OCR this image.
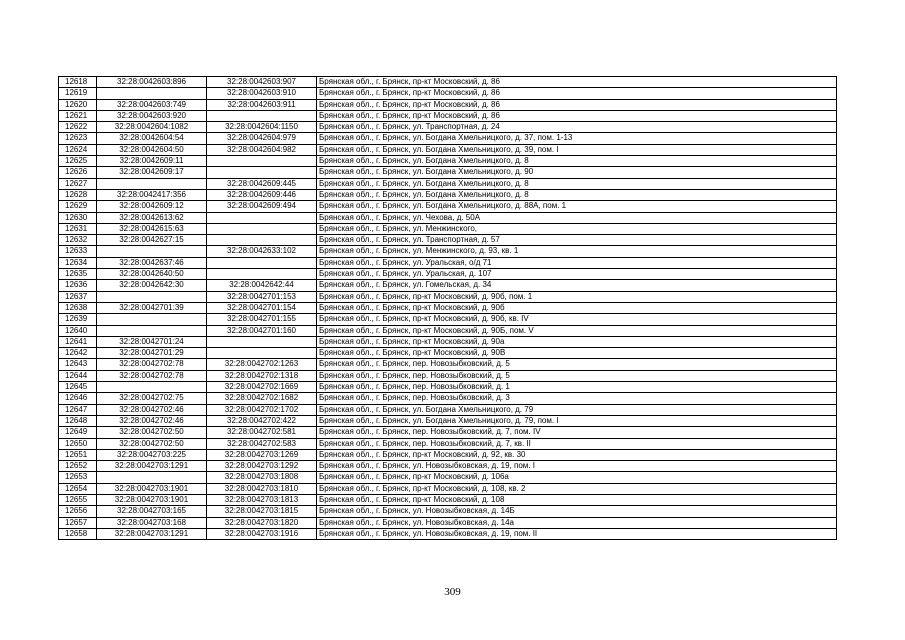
12618	32:28:0042603:896	32:28:0042603:907	Брянская обл., г. Брянск, пр-кт Московский, д. 86
12619		32:28:0042603:910	Брянская обл., г. Брянск, пр-кт Московский, д. 86
12620	32:28:0042603:749	32:28:0042603:911	Брянская обл., г. Брянск, пр-кт Московский, д. 86
12621	32:28:0042603:920		Брянская обл., г. Брянск, пр-кт Московский, д. 86
12622	32:28:0042604:1082	32:28:0042604:1150	Брянская обл., г. Брянск, ул. Транспортная, д. 24
12623	32:28:0042604:54	32:28:0042604:979	Брянская обл., г. Брянск, ул. Богдана Хмельницкого, д. 37, пом. 1-13
12624	32:28:0042604:50	32:28:0042604:982	Брянская обл., г. Брянск, ул. Богдана Хмельницкого, д. 39, пом. I
12625	32:28:0042609:11		Брянская обл., г. Брянск, ул. Богдана Хмельницкого, д. 8
12626	32:28:0042609:17		Брянская обл., г. Брянск, ул. Богдана Хмельницкого, д. 90
12627		32:28:0042609:445	Брянская обл., г. Брянск, ул. Богдана Хмельницкого, д. 8
12628	32:28:0042417:356	32:28:0042609:446	Брянская обл., г. Брянск, ул. Богдана Хмельницкого, д. 8
12629	32:28:0042609:12	32:28:0042609:494	Брянская обл., г. Брянск, ул. Богдана Хмельницкого, д. 88А, пом. 1
12630	32:28:0042613:62		Брянская обл., г. Брянск, ул. Чехова, д. 50А
12631	32:28:0042615:63		Брянская обл., г. Брянск, ул. Менжинского,
12632	32:28:0042627:15		Брянская обл., г. Брянск, ул. Транспортная, д. 57
12633		32:28:0042633:102	Брянская обл., г. Брянск, ул. Менжинского, д. 93, кв. 1
12634	32:28:0042637:46		Брянская обл., г. Брянск, ул. Уральская, о/д 71
12635	32:28:0042640:50		Брянская обл., г. Брянск, ул. Уральская, д. 107
12636	32:28:0042642:30	32:28:0042642:44	Брянская обл., г. Брянск, ул. Гомельская, д. 34
12637		32:28:0042701:153	Брянская обл., г. Брянск, пр-кт Московский, д. 90б, пом. 1
12638	32:28:0042701:39	32:28:0042701:154	Брянская обл., г. Брянск, пр-кт Московский, д. 90б
12639		32:28:0042701:155	Брянская обл., г. Брянск, пр-кт Московский, д. 90б, кв. IV
12640		32:28:0042701:160	Брянская обл., г. Брянск, пр-кт Московский, д. 90Б, пом. V
12641	32:28:0042701:24		Брянская обл., г. Брянск, пр-кт Московский, д. 90а
12642	32:28:0042701:29		Брянская обл., г. Брянск, пр-кт Московский, д. 90В
12643	32:28:0042702:78	32:28:0042702:1263	Брянская обл., г. Брянск, пер. Новозыбковский, д. 5
12644	32:28:0042702:78	32:28:0042702:1318	Брянская обл., г. Брянск, пер. Новозыбковский, д. 5
12645		32:28:0042702:1669	Брянская обл., г. Брянск, пер. Новозыбковский, д. 1
12646	32:28:0042702:75	32:28:0042702:1682	Брянская обл., г. Брянск, пер. Новозыбковский, д. 3
12647	32:28:0042702:46	32:28:0042702:1702	Брянская обл., г. Брянск, ул. Богдана Хмельницкого, д. 79
12648	32:28:0042702:46	32:28:0042702:422	Брянская обл., г. Брянск, ул. Богдана Хмельницкого, д. 79, пом. I
12649	32:28:0042702:50	32:28:0042702:581	Брянская обл., г. Брянск, пер. Новозыбковский, д. 7, пом. IV
12650	32:28:0042702:50	32:28:0042702:583	Брянская обл., г. Брянск, пер. Новозыбковский, д. 7, кв. II
12651	32:28:0042703:225	32:28:0042703:1269	Брянская обл., г. Брянск, пр-кт Московский, д. 92, кв. 30
12652	32:28:0042703:1291	32:28:0042703:1292	Брянская обл., г. Брянск, ул. Новозыбковская, д. 19, пом. I
12653		32:28:0042703:1808	Брянская обл., г. Брянск, пр-кт Московский, д. 106а
12654	32:28:0042703:1901	32:28:0042703:1810	Брянская обл., г. Брянск, пр-кт Московский, д. 108, кв. 2
12655	32:28:0042703:1901	32:28:0042703:1813	Брянская обл., г. Брянск, пр-кт Московский, д. 108
12656	32:28:0042703:165	32:28:0042703:1815	Брянская обл., г. Брянск, ул. Новозыбковская, д. 14Б
12657	32:28:0042703:168	32:28:0042703:1820	Брянская обл., г. Брянск, ул. Новозыбковская, д. 14а
12658	32:28:0042703:1291	32:28:0042703:1916	Брянская обл., г. Брянск, ул. Новозыбковская, д. 19, пом. II
309
